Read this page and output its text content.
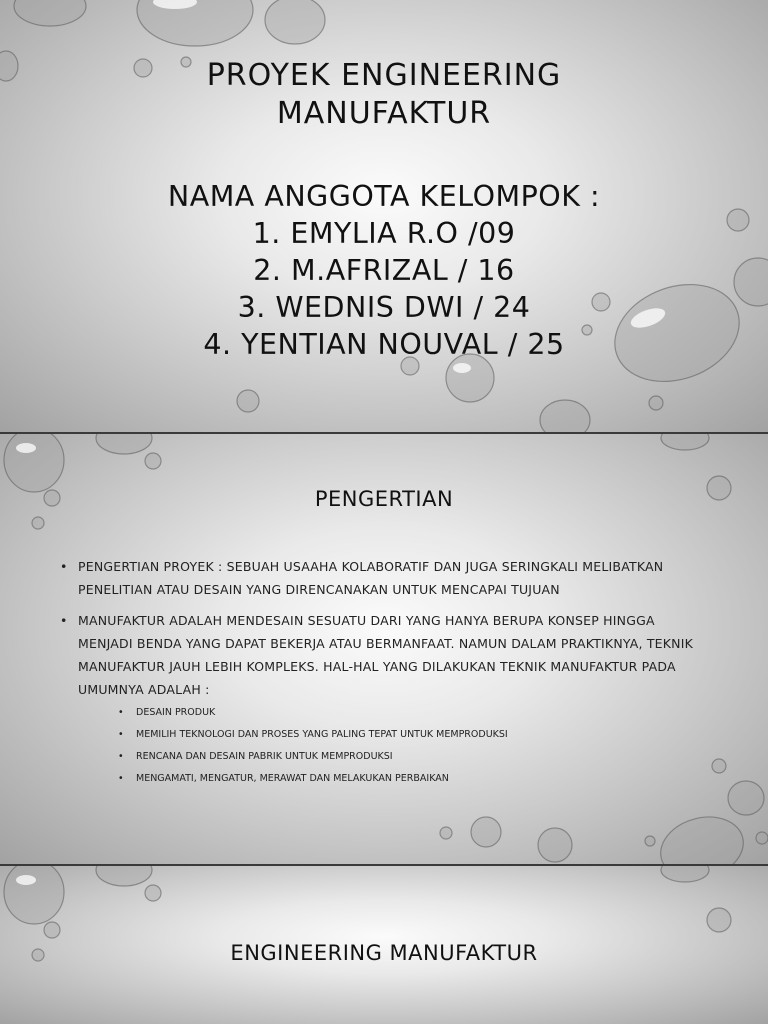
PROYEK ENGINEERING
MANUFAKTUR
NAMA ANGGOTA KELOMPOK :
1. EMYLIA R.O /09
2. M.AFRIZAL / 16
3. WEDNIS DWI / 24
4. YENTIAN NOUVAL / 25
PENGERTIAN
• PENGERTIAN PROYEK : SEBUAH USAAHA KOLABORATIF DAN JUGA SERINGKALI MELIBATKAN PENELITIAN ATAU DESAIN YANG DIRENCANAKAN UNTUK MENCAPAI TUJUAN
• MANUFAKTUR ADALAH MENDESAIN SESUATU DARI YANG HANYA BERUPA KONSEP HINGGA MENJADI BENDA YANG DAPAT BEKERJA ATAU BERMANFAAT. NAMUN DALAM PRAKTIKNYA, TEKNIK MANUFAKTUR JAUH LEBIH KOMPLEKS. HAL-HAL YANG DILAKUKAN TEKNIK MANUFAKTUR PADA UMUMNYA ADALAH :
• DESAIN PRODUK
• MEMILIH TEKNOLOGI DAN PROSES YANG PALING TEPAT UNTUK MEMPRODUKSI
• RENCANA DAN DESAIN PABRIK UNTUK MEMPRODUKSI
• MENGAMATI, MENGATUR, MERAWAT DAN MELAKUKAN PERBAIKAN
ENGINEERING MANUFAKTUR
